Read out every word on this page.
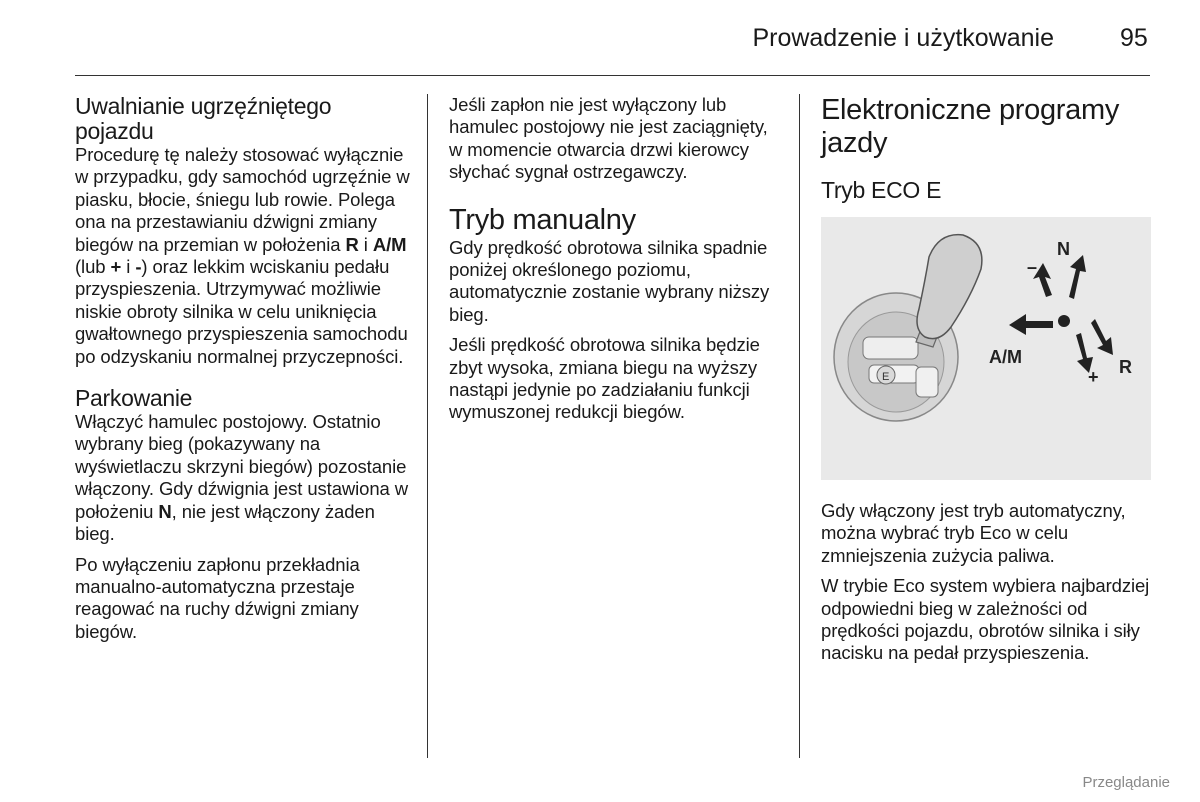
Prowadzenie i użytkowanie	95
Uwalnianie ugrzęźniętego pojazdu

Procedurę tę należy stosować wyłącznie w przypadku, gdy samochód ugrzęźnie w piasku, błocie, śniegu lub rowie. Polega ona na przestawianiu dźwigni zmiany biegów na przemian w położenia R i A/M (lub + i -) oraz lekkim wciskaniu pedału przyspieszenia. Utrzymywać możliwie niskie obroty silnika w celu uniknięcia gwałtownego przyspieszenia samochodu po odzyskaniu normalnej przyczepności.

Parkowanie

Włączyć hamulec postojowy. Ostatnio wybrany bieg (pokazywany na wyświetlaczu skrzyni biegów) pozostanie włączony. Gdy dźwignia jest ustawiona w położeniu N, nie jest włączony żaden bieg.

Po wyłączeniu zapłonu przekładnia manualno-automatyczna przestaje reagować na ruchy dźwigni zmiany biegów.

Jeśli zapłon nie jest wyłączony lub hamulec postojowy nie jest zaciągnięty, w momencie otwarcia drzwi kierowcy słychać sygnał ostrzegawczy.

Tryb manualny

Gdy prędkość obrotowa silnika spadnie poniżej określonego poziomu, automatycznie zostanie wybrany niższy bieg.

Jeśli prędkość obrotowa silnika będzie zbyt wysoka, zmiana biegu na wyższy nastąpi jedynie po zadziałaniu funkcji wymuszonej redukcji biegów.

Elektroniczne programy jazdy
Tryb ECO E
E
N
–
A/M
+ R

Gdy włączony jest tryb automatyczny, można wybrać tryb Eco w celu zmniejszenia zużycia paliwa.

W trybie Eco system wybiera najbardziej odpowiedni bieg w zależności od prędkości pojazdu, obrotów silnika i siły nacisku na pedał przyspieszenia.

Przeglądanie
